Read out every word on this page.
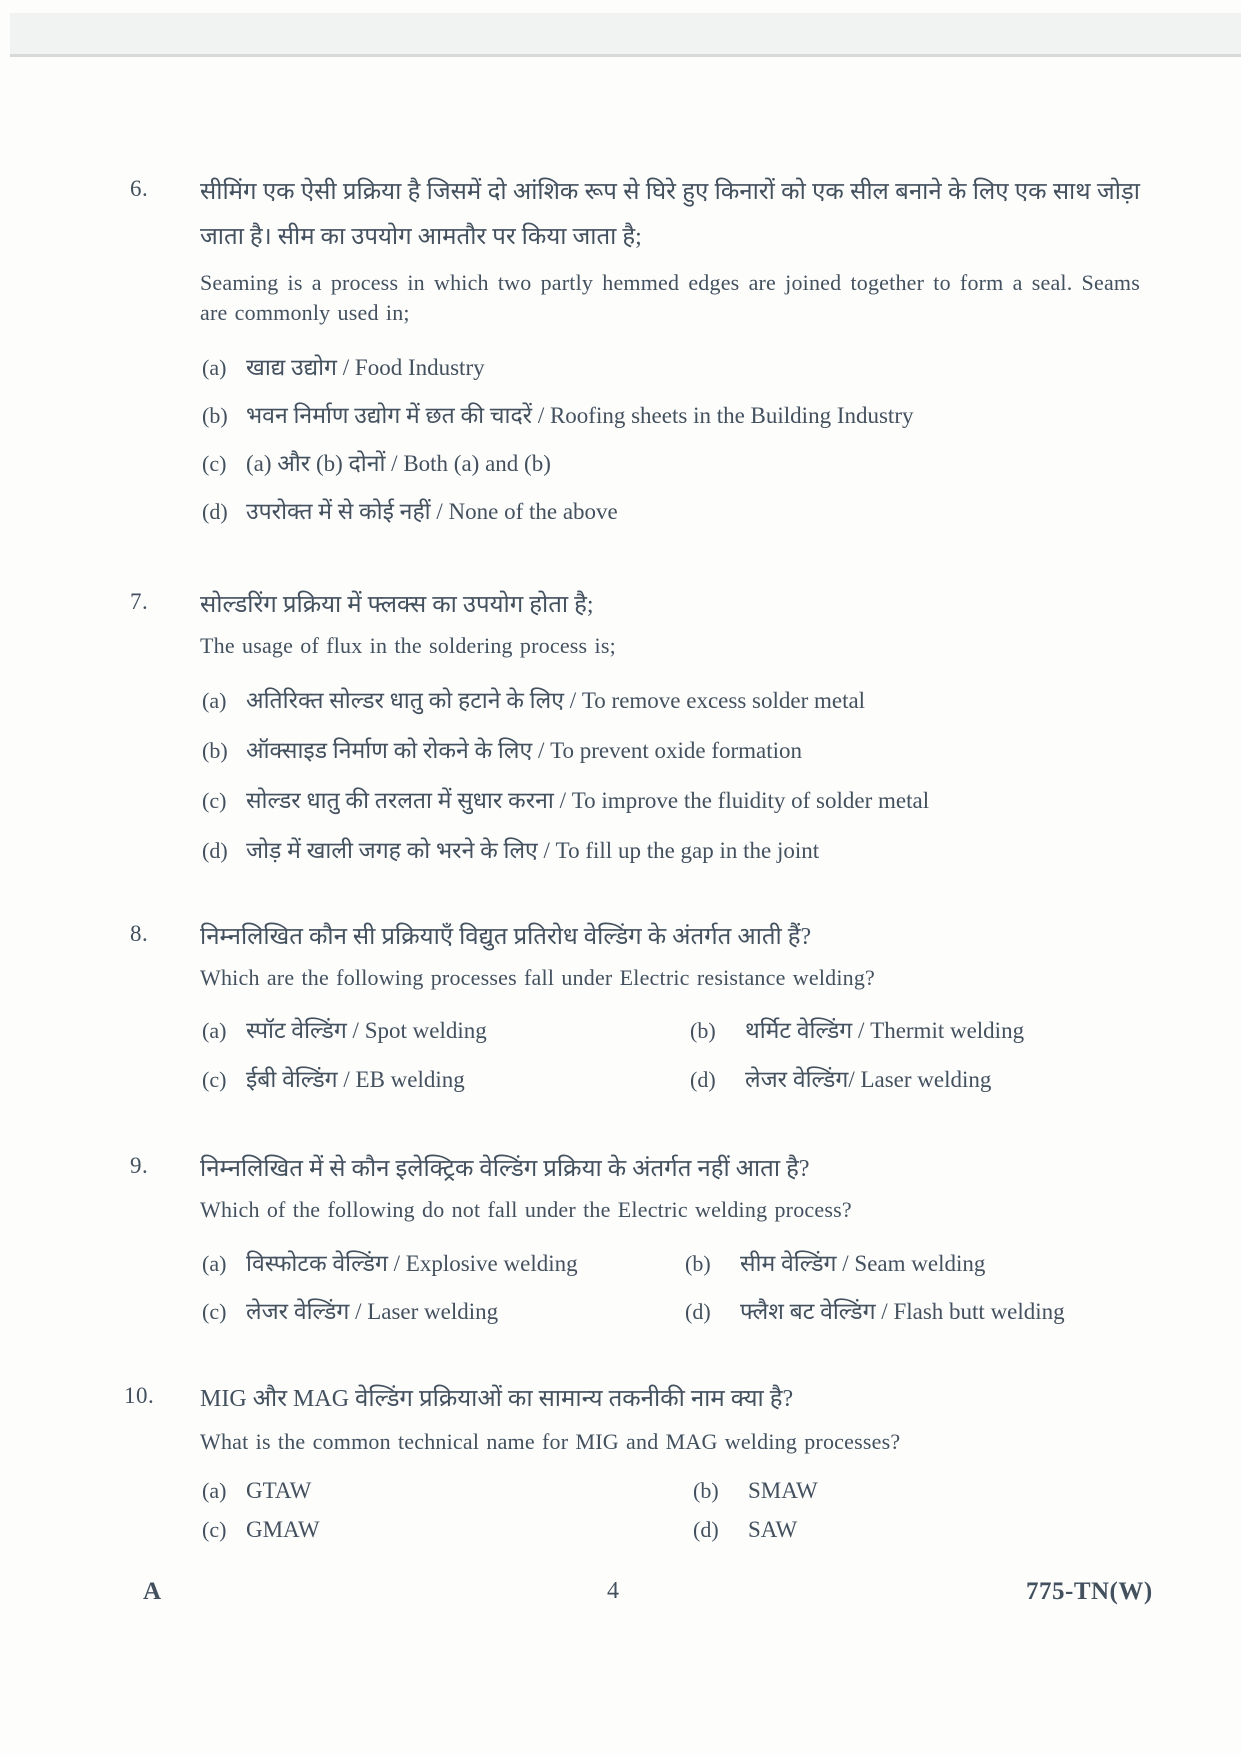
6. सीमिंग एक ऐसी प्रक्रिया है जिसमें दो आंशिक रूप से घिरे हुए किनारों को एक सील बनाने के लिए एक साथ जोड़ा जाता है। सीम का उपयोग आमतौर पर किया जाता है;
Seaming is a process in which two partly hemmed edges are joined together to form a seal. Seams are commonly used in;
(a) खाद्य उद्योग / Food Industry
(b) भवन निर्माण उद्योग में छत की चादरें / Roofing sheets in the Building Industry
(c) (a) और (b) दोनों / Both (a) and (b)
(d) उपरोक्त में से कोई नहीं / None of the above
7. सोल्डरिंग प्रक्रिया में फ्लक्स का उपयोग होता है;
The usage of flux in the soldering process is;
(a) अतिरिक्त सोल्डर धातु को हटाने के लिए / To remove excess solder metal
(b) ऑक्साइड निर्माण को रोकने के लिए / To prevent oxide formation
(c) सोल्डर धातु की तरलता में सुधार करना / To improve the fluidity of solder metal
(d) जोड़ में खाली जगह को भरने के लिए / To fill up the gap in the joint
8. निम्नलिखित कौन सी प्रक्रियाएँ विद्युत प्रतिरोध वेल्डिंग के अंतर्गत आती हैं?
Which are the following processes fall under Electric resistance welding?
(a) स्पॉट वेल्डिंग / Spot welding	(b) थर्मिट वेल्डिंग / Thermit welding
(c) ईबी वेल्डिंग / EB welding	(d) लेजर वेल्डिंग/ Laser welding
9. निम्नलिखित में से कौन इलेक्ट्रिक वेल्डिंग प्रक्रिया के अंतर्गत नहीं आता है?
Which of the following do not fall under the Electric welding process?
(a) विस्फोटक वेल्डिंग / Explosive welding	(b) सीम वेल्डिंग / Seam welding
(c) लेजर वेल्डिंग / Laser welding	(d) फ्लैश बट वेल्डिंग / Flash butt welding
10. MIG और MAG वेल्डिंग प्रक्रियाओं का सामान्य तकनीकी नाम क्या है?
What is the common technical name for MIG and MAG welding processes?
(a) GTAW	(b) SMAW
(c) GMAW	(d) SAW
A	4	775-TN(W)
